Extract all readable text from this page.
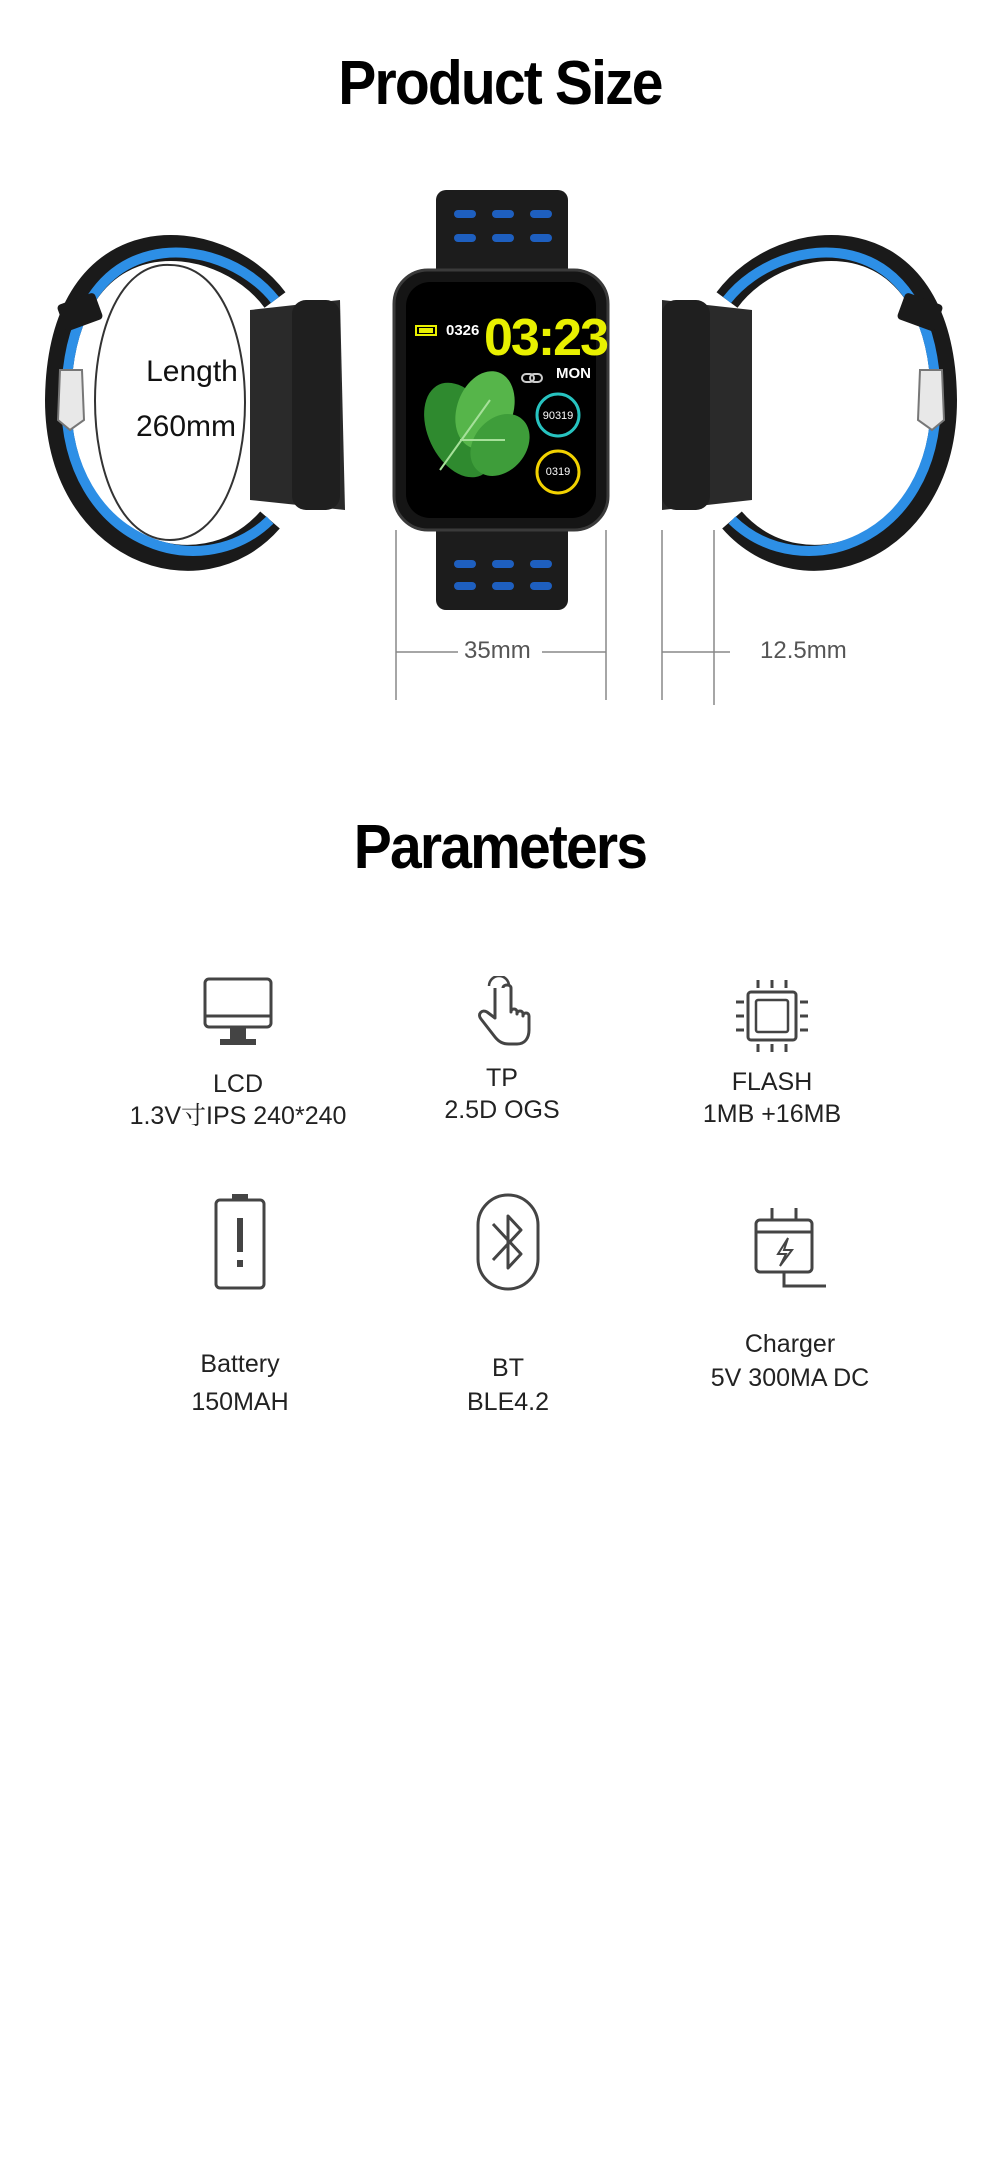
Product Size
Parameters
Length
260mm
0326 03:23
MON
90319
0319
35mm	12.5mm
LCD
1.3V寸IPS 240*240
TP
2.5D OGS
FLASH
1MB +16MB
Battery
150MAH
BT
BLE4.2
Charger
5V 300MA DC
